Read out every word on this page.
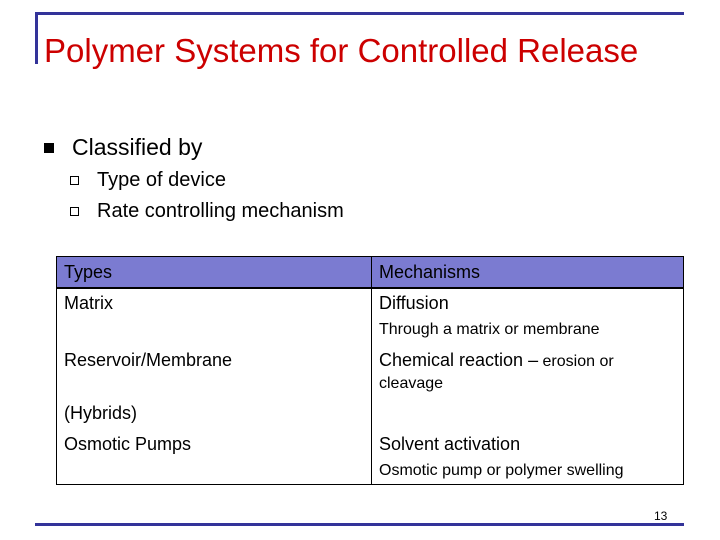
Polymer Systems for Controlled Release
Classified by
Type of device
Rate controlling mechanism
Types	Mechanisms
Matrix	Diffusion
Through a matrix or membrane
Reservoir/Membrane	Chemical reaction – erosion or
cleavage
(Hybrids)
Osmotic Pumps	Solvent activation
Osmotic pump or polymer swelling
13
